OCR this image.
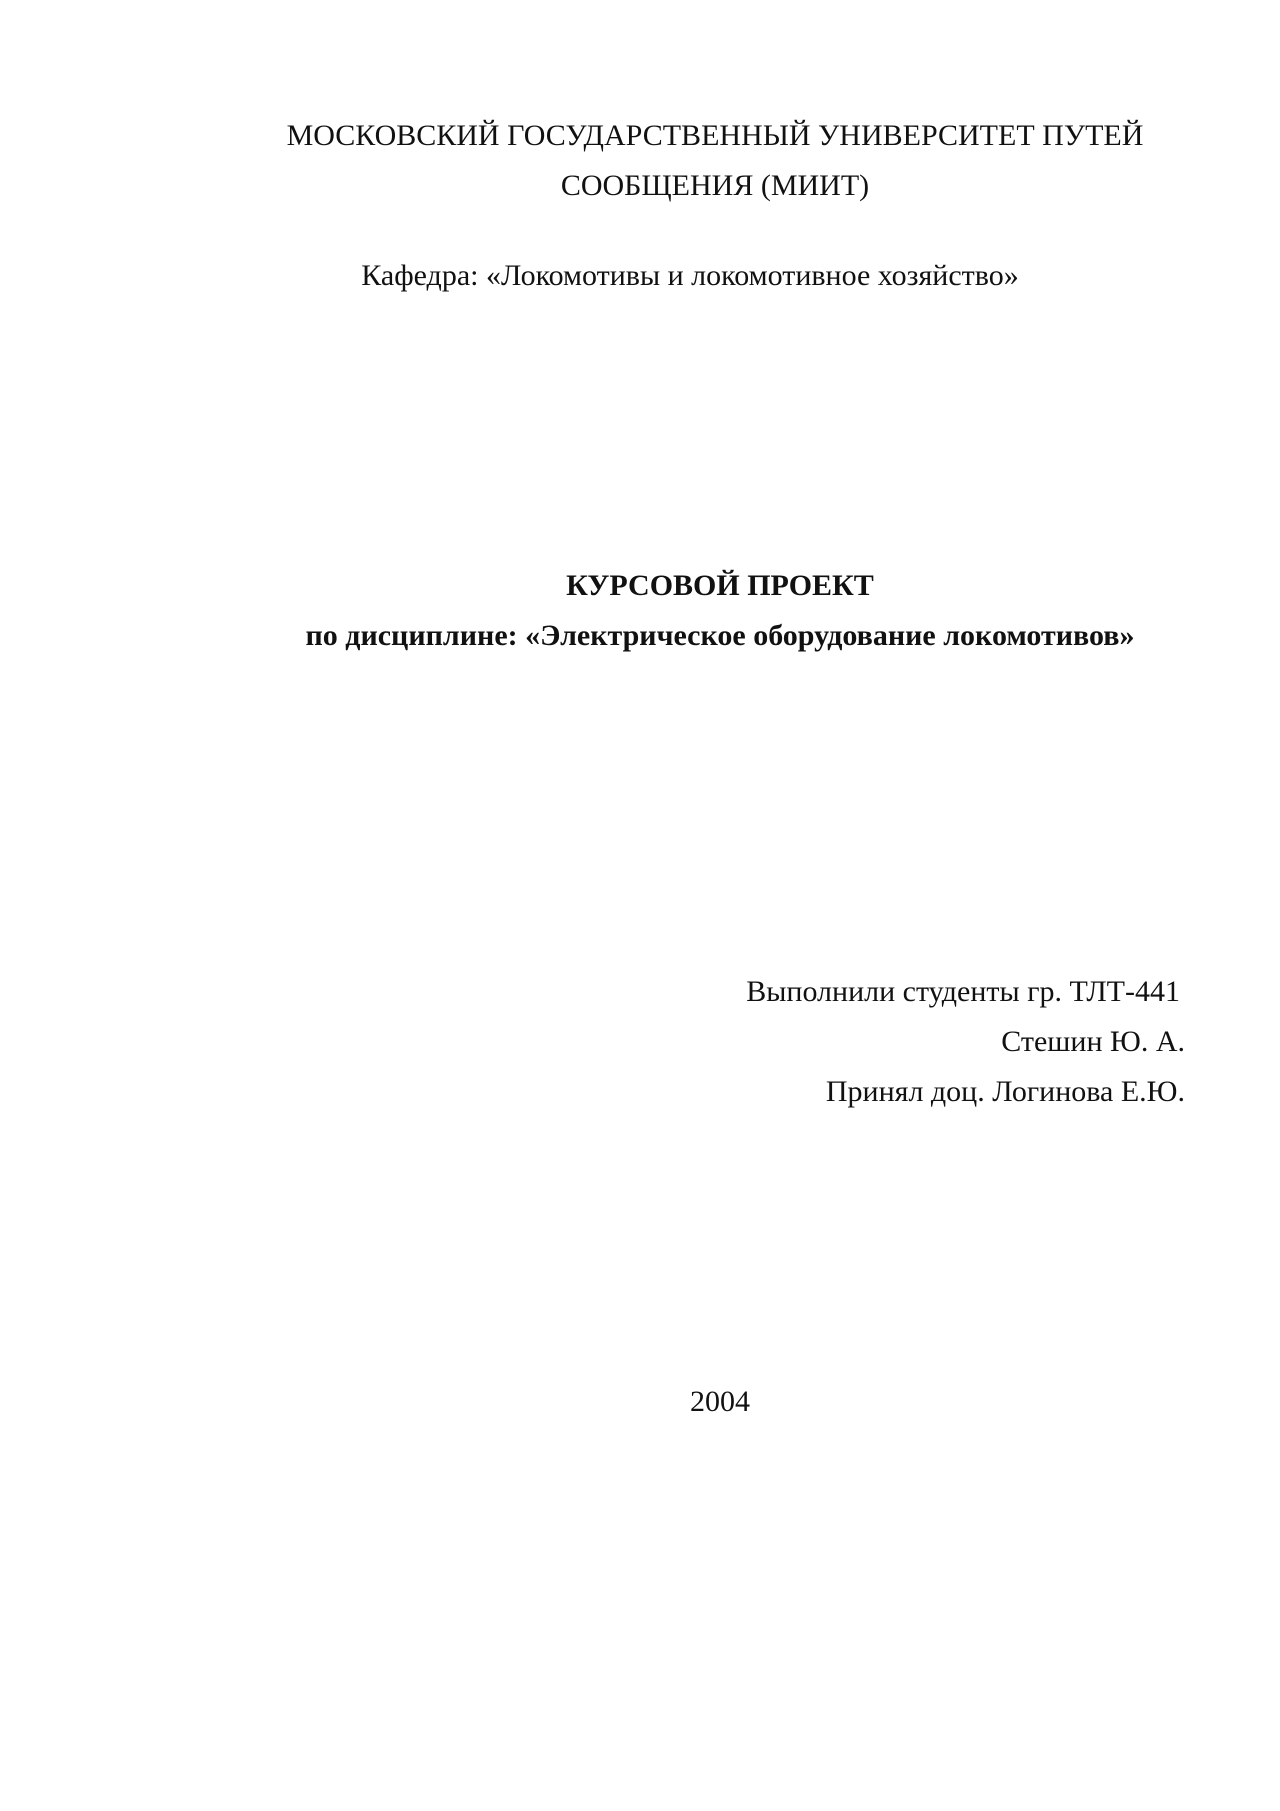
МОСКОВСКИЙ ГОСУДАРСТВЕННЫЙ УНИВЕРСИТЕТ ПУТЕЙ
СООБЩЕНИЯ (МИИТ)
Кафедра: «Локомотивы и локомотивное хозяйство»
КУРСОВОЙ ПРОЕКТ
по дисциплине: «Электрическое оборудование локомотивов»
Выполнили студенты гр. ТЛТ-441
Стешин Ю. А.
Принял доц. Логинова Е.Ю.
2004
